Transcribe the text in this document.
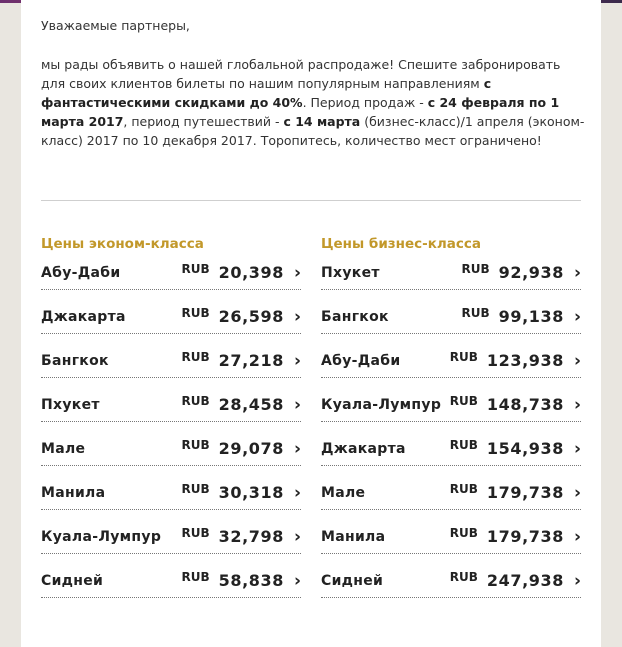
Уважаемые партнеры,

мы рады объявить о нашей глобальной распродаже! Спешите забронировать для своих клиентов билеты по нашим популярным направлениям с фантастическими скидками до 40%. Период продаж - с 24 февраля по 1 марта 2017, период путешествий - с 14 марта (бизнес-класс)/1 апреля (эконом-класс) 2017 по 10 декабря 2017. Торопитесь, количество мест ограничено!

Цены эконом-класса
Абу-Даби	RUB 20,398 ›
Джакарта	RUB 26,598 ›
Бангкок	RUB 27,218 ›
Пхукет	RUB 28,458 ›
Мале	RUB 29,078 ›
Манила	RUB 30,318 ›
Куала-Лумпур RUB 32,798 ›
Сидней	RUB 58,838 ›
Цены бизнес-класса
Пхукет	RUB 92,938 ›
Бангкок	RUB 99,138 ›
Абу-Даби	RUB 123,938 ›
Куала-Лумпур RUB 148,738 ›
Джакарта	RUB 154,938 ›
Мале	RUB 179,738 ›
Манила	RUB 179,738 ›
Сидней	RUB 247,938 ›
